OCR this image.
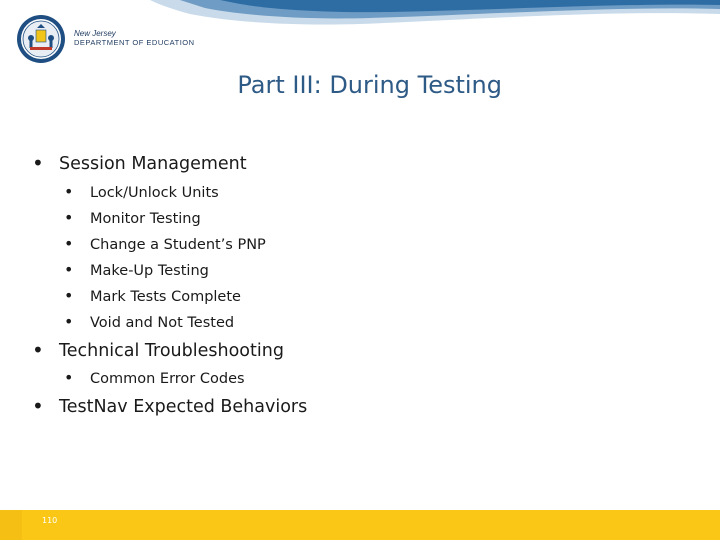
New Jersey
DEPARTMENT OF EDUCATION
Part III: During Testing
• Session Management
• Lock/Unlock Units
• Monitor Testing
• Change a Student’s PNP
• Make-Up Testing
• Mark Tests Complete
• Void and Not Tested
• Technical Troubleshooting
• Common Error Codes
• TestNav Expected Behaviors
110
